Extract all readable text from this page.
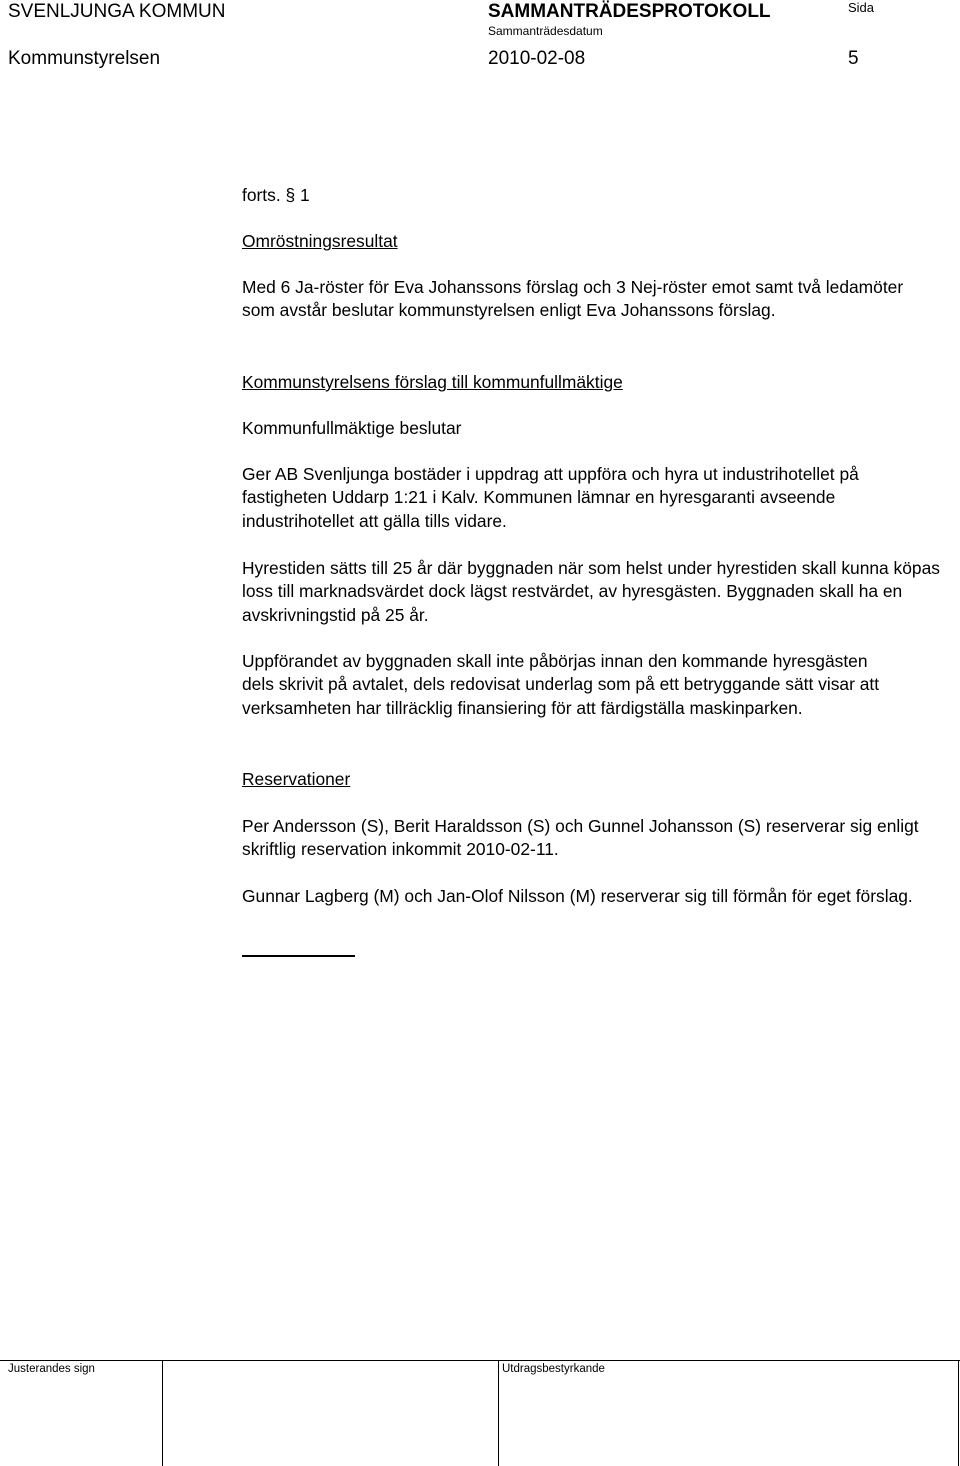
SVENLJUNGA KOMMUN	SAMMANTRÄDESPROTOKOLL	Sida
Sammanträdesdatum
Kommunstyrelsen	2010-02-08	5

forts. § 1

Omröstningsresultat

Med 6 Ja-röster för Eva Johanssons förslag och 3 Nej-röster emot samt två ledamöter som avstår beslutar kommunstyrelsen enligt Eva Johanssons förslag.

Kommunstyrelsens förslag till kommunfullmäktige

Kommunfullmäktige beslutar

Ger AB Svenljunga bostäder i uppdrag att uppföra och hyra ut industrihotellet på fastigheten Uddarp 1:21 i Kalv. Kommunen lämnar en hyresgaranti avseende industrihotellet att gälla tills vidare.

Hyrestiden sätts till 25 år där byggnaden när som helst under hyrestiden skall kunna köpas loss till marknadsvärdet dock lägst restvärdet, av hyresgästen. Byggnaden skall ha en avskrivningstid på 25 år.

Uppförandet av byggnaden skall inte påbörjas innan den kommande hyresgästen dels skrivit på avtalet, dels redovisat underlag som på ett betryggande sätt visar att verksamheten har tillräcklig finansiering för att färdigställa maskinparken.

Reservationer

Per Andersson (S), Berit Haraldsson (S) och Gunnel Johansson (S) reserverar sig enligt skriftlig reservation inkommit 2010-02-11.

Gunnar Lagberg (M) och Jan-Olof Nilsson (M) reserverar sig till förmån för eget förslag.

Justerandes sign	Utdragsbestyrkande
